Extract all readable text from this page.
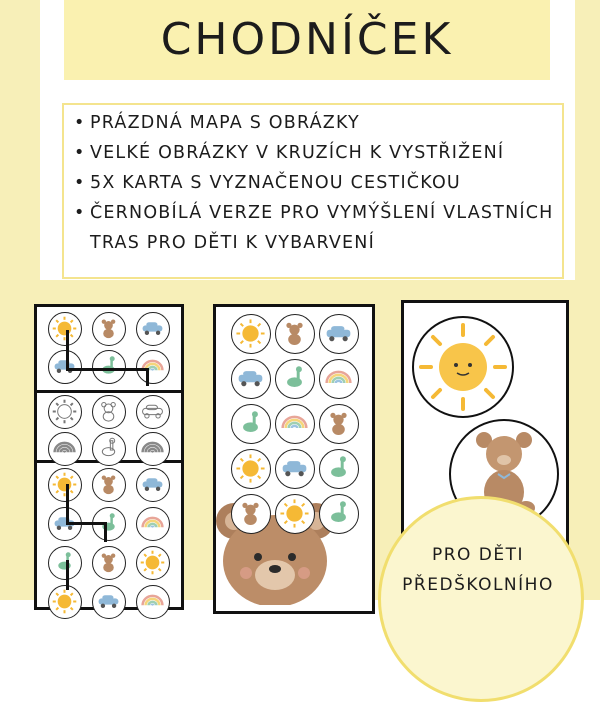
CHODNÍČEK
• PRÁZDNÁ MAPA S OBRÁZKY
• VELKÉ OBRÁZKY V KRUZÍCH K VYSTŘIŽENÍ
• 5X KARTA S VYZNAČENOU CESTIČKOU
• ČERNOBÍLÁ VERZE PRO VYMÝŠLENÍ VLASTNÍCH
TRAS PRO DĚTI K VYBARVENÍ
PRO DĚTI
PŘEDŠKOLNÍHO
